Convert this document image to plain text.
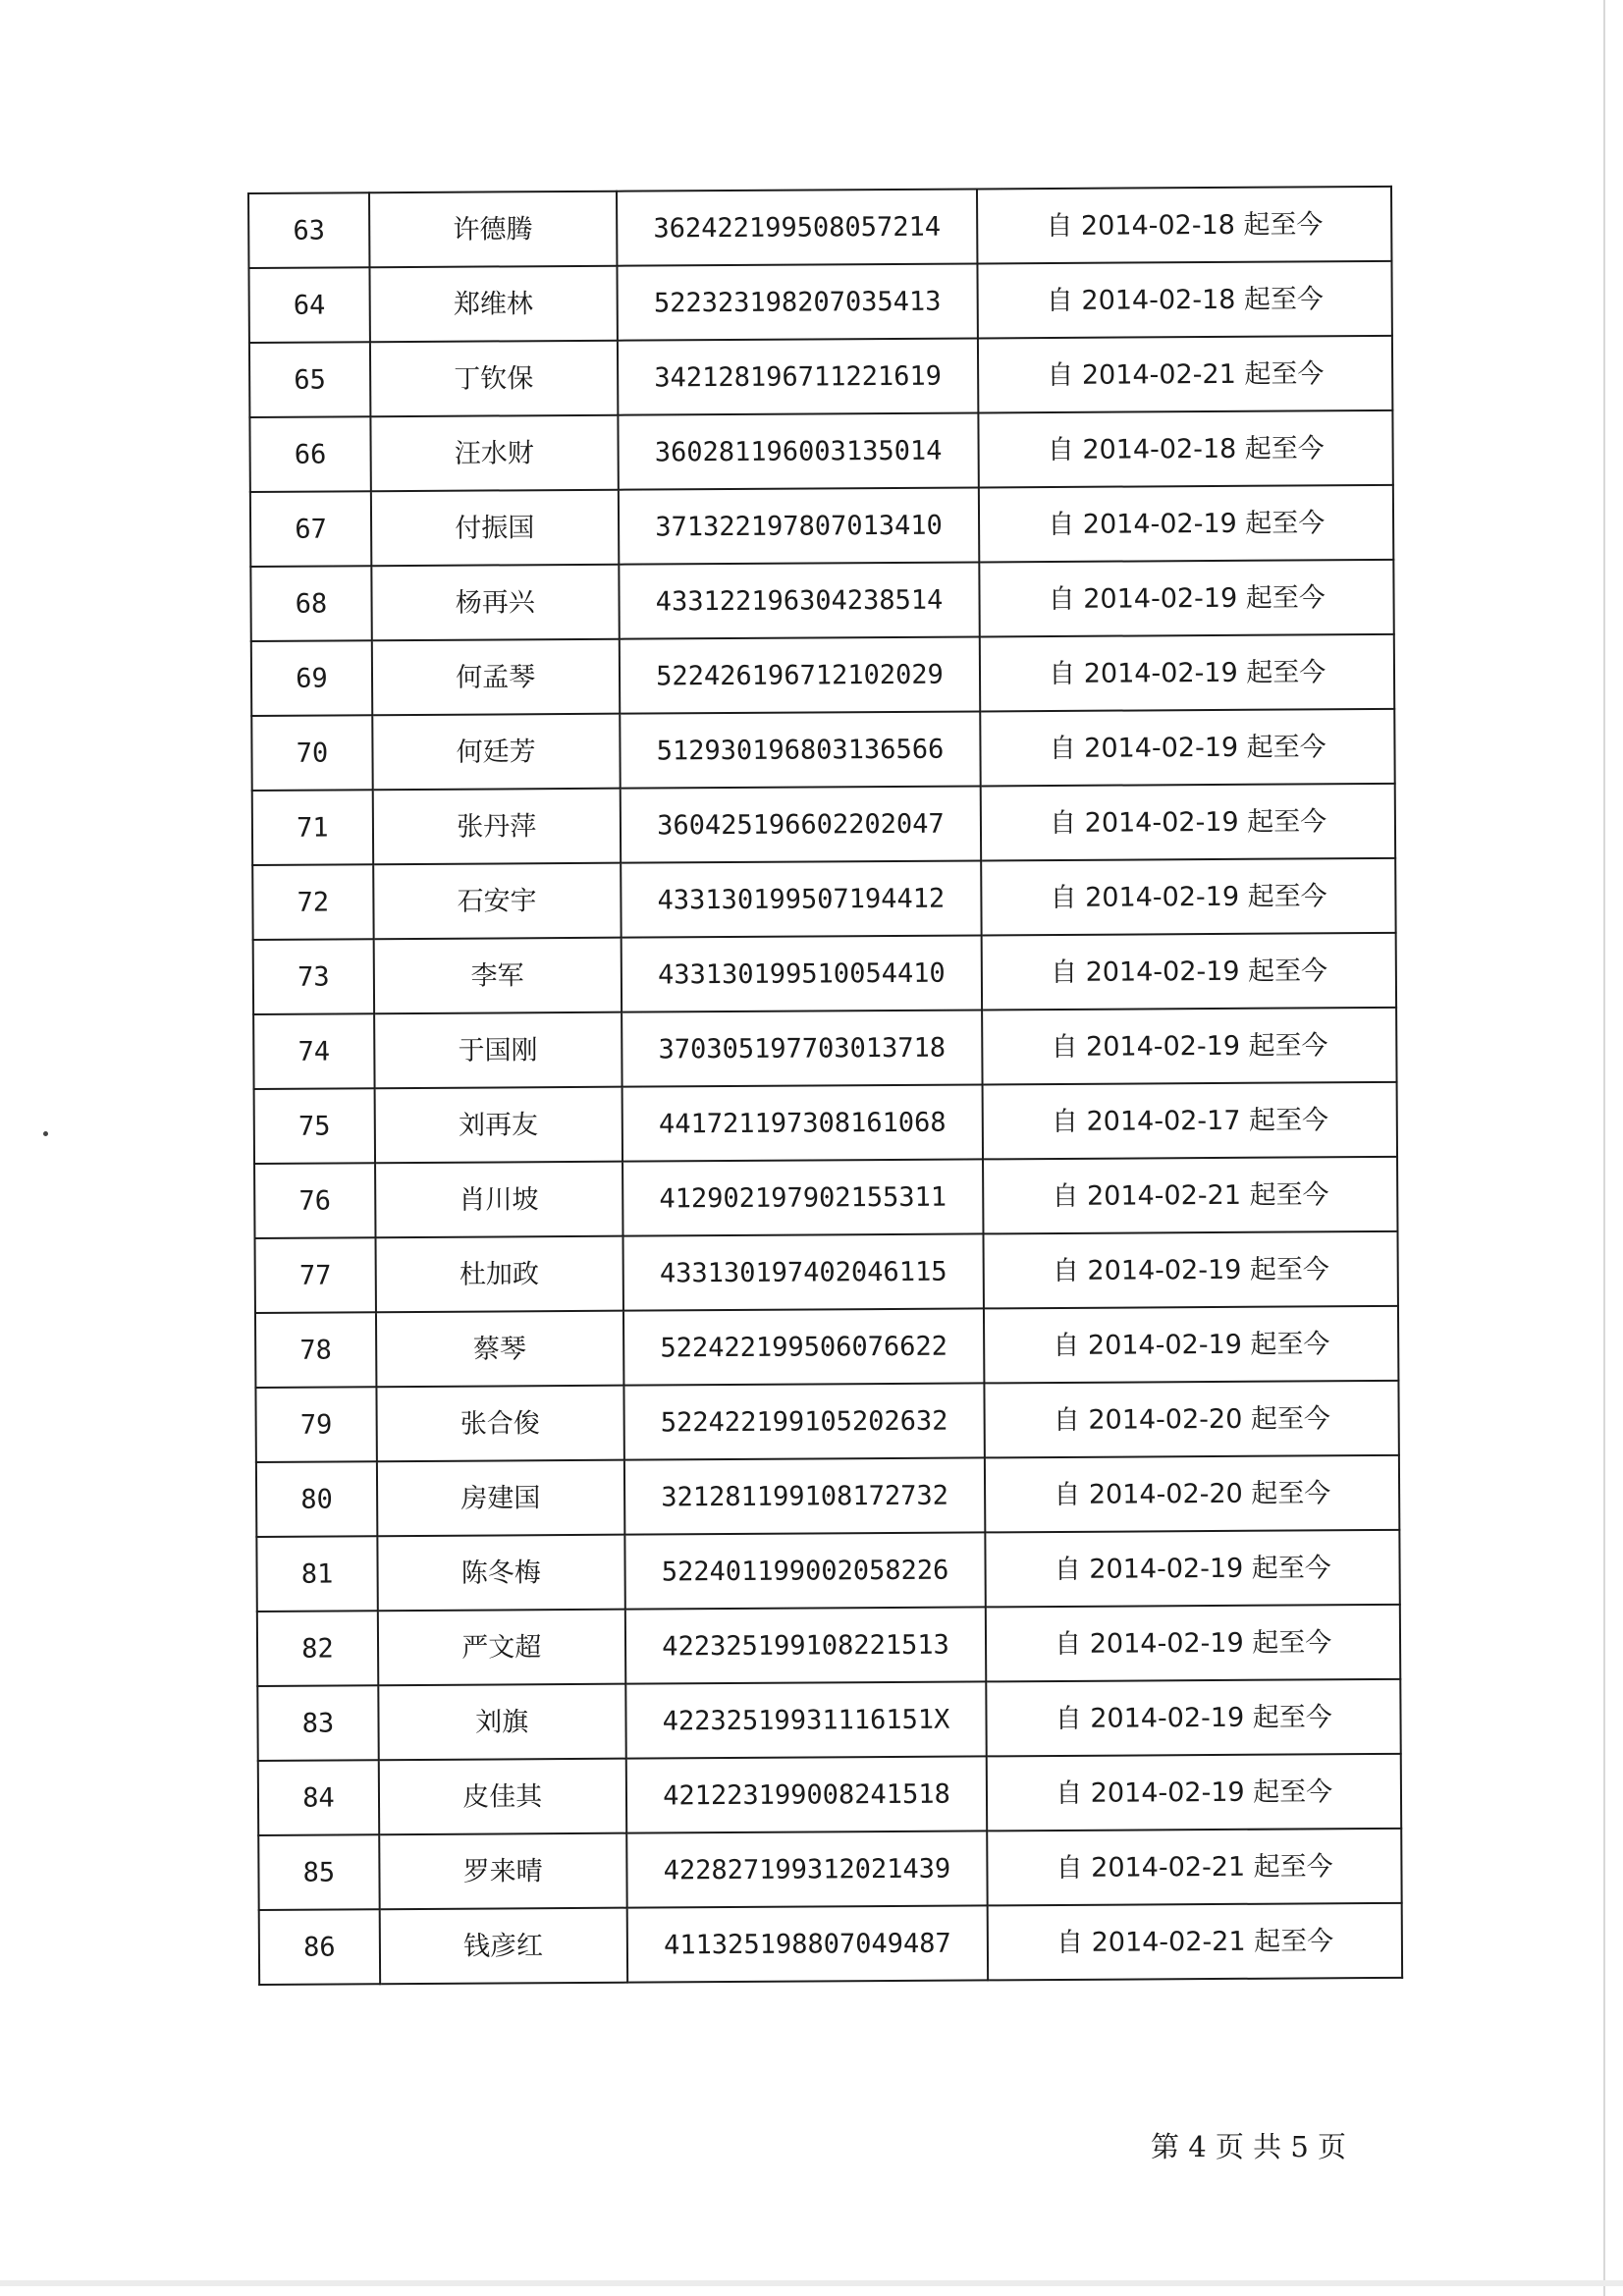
63	许德腾	362422199508057214	自 2014-02-18 起至今
64	郑维林	522323198207035413	自 2014-02-18 起至今
65	丁钦保	342128196711221619	自 2014-02-21 起至今
66	汪水财	360281196003135014	自 2014-02-18 起至今
67	付振国	371322197807013410	自 2014-02-19 起至今
68	杨再兴	433122196304238514	自 2014-02-19 起至今
69	何孟琴	522426196712102029	自 2014-02-19 起至今
70	何廷芳	512930196803136566	自 2014-02-19 起至今
71	张丹萍	360425196602202047	自 2014-02-19 起至今
72	石安宇	433130199507194412	自 2014-02-19 起至今
73	李军	433130199510054410	自 2014-02-19 起至今
74	于国刚	370305197703013718	自 2014-02-19 起至今
75	刘再友	441721197308161068	自 2014-02-17 起至今
76	肖川坡	412902197902155311	自 2014-02-21 起至今
77	杜加政	433130197402046115	自 2014-02-19 起至今
78	蔡琴	522422199506076622	自 2014-02-19 起至今
79	张合俊	522422199105202632	自 2014-02-20 起至今
80	房建国	321281199108172732	自 2014-02-20 起至今
81	陈冬梅	522401199002058226	自 2014-02-19 起至今
82	严文超	422325199108221513	自 2014-02-19 起至今
83	刘旗	42232519931116151X	自 2014-02-19 起至今
84	皮佳其	421223199008241518	自 2014-02-19 起至今
85	罗来晴	422827199312021439	自 2014-02-21 起至今
86	钱彦红	411325198807049487	自 2014-02-21 起至今
第 4 页 共 5 页
